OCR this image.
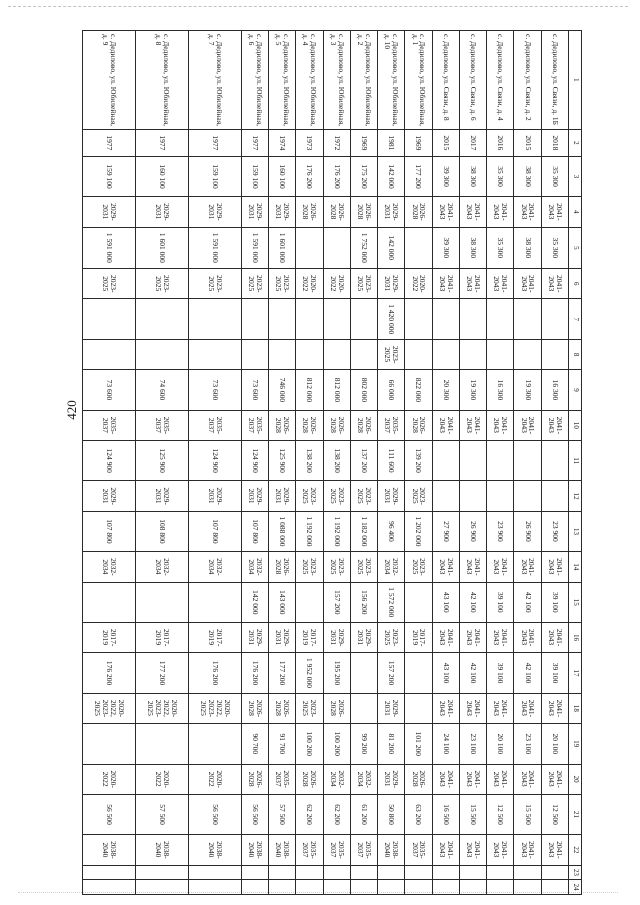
420
1	2	3	4	5	6	7	8	9	10	11	12	13	14	15	16	17	18	19	20	21	22	23	24
с. Дедилово, ул. Связи, д. 1Б	2018	35 300	2041-2043	35 300	2041-2043			16 300	2041-2043			23 900	2041-2043	39 100	2041-2043	39 100	2041-2043	20 100	2041-2043	12 500	2041-2043		
с. Дедилово, ул. Связи, д. 2	2015	38 300	2041-2043	38 300	2041-2043			19 300	2041-2043			26 900	2041-2043	42 100	2041-2043	42 100	2041-2043	23 100	2041-2043	15 500	2041-2043		
с. Дедилово, ул. Связи, д. 4	2016	35 300	2041-2043	35 300	2041-2043			16 300	2041-2043			23 900	2041-2043	39 100	2041-2043	39 100	2041-2043	20 100	2041-2043	12 500	2041-2043		
с. Дедилово, ул. Связи, д. 6	2017	38 300	2041-2043	38 300	2041-2043			19 300	2041-2043			26 900	2041-2043	42 100	2041-2043	42 100	2041-2043	23 100	2041-2043	15 500	2041-2043		
с. Дедилово, ул. Связи, д. 8	2015	39 300	2041-2043	39 300	2041-2043			20 300	2041-2043			27 900	2041-2043	43 100	2041-2043	43 100	2041-2043	24 100	2041-2043	16 500	2041-2043		
с. Дедилово, ул. Юбилейная, д. 1	1969	177 200	2026-2028		2020-2022			822 000	2026-2028	139 200	2023-2025	1 202 000	2023-2025		2017-2019			101 200	2026-2028	63 200	2035-2037		
с. Дедилово, ул. Юбилейная, д. 10	1981	142 000	2029-2031	142 000	2029-2031	1 420 000	2023-2025	66 000	2035-2037	111 600	2029-2031	96 400	2032-2034	1 572 000	2023-2025	157 200	2029-2031	81 200	2029-2031	50 800	2038-2040		
с. Дедилово, ул. Юбилейная, д. 2	1969	175 200	2026-2028	1 752 000	2023-2025			802 000	2026-2028	137 200	2023-2025	1 182 000	2023-2025	156 200	2029-2031			99 200	2032-2034	61 200	2035-2037		
с. Дедилово, ул. Юбилейная, д. 3	1972	176 200	2026-2028		2020-2022			812 000	2026-2028	138 200	2023-2025	1 192 000	2023-2025	157 200	2029-2031	195 200	2026-2028	100 200	2032-2034	62 200	2035-2037		
с. Дедилово, ул. Юбилейная, д. 4	1973	176 200	2026-2028		2020-2022			812 000	2026-2028	138 200	2023-2025	1 192 000	2023-2025		2017-2019	1 952 000	2023-2025	100 200	2026-2028	62 200	2035-2037		
с. Дедилово, ул. Юбилейная, д. 5	1974	160 100	2029-2031	1 601 000	2023-2025			746 000	2026-2028	125 900	2029-2031	1 088 000	2026-2028	143 000	2029-2031	177 200	2026-2028	91 700	2035-2037	57 500	2038-2040		
с. Дедилово, ул. Юбилейная, д. 6	1977	159 100	2029-2031	1 591 000	2023-2025			73 600	2035-2037	124 900	2029-2031	107 800	2032-2034	142 000	2029-2031	176 200	2026-2028	90 700	2026-2028	56 500	2038-2040		
с. Дедилово, ул. Юбилейная, д. 7	1977	159 100	2029-2031	1 591 000	2023-2025			73 600	2035-2037	124 900	2029-2031	107 800	2032-2034		2017-2019	176 200	2020-2022, 2023-2025		2020-2022	56 500	2038-2040		
с. Дедилово, ул. Юбилейная, д. 8	1977	160 100	2029-2031	1 601 000	2023-2025			74 600	2035-2037	125 900	2029-2031	108 800	2032-2034		2017-2019	177 200	2020-2022, 2023-2025		2020-2022	57 500	2038-2040		
с. Дедилово, ул. Юбилейная, д. 9	1977	159 100	2029-2031	1 591 000	2023-2025			73 600	2035-2037	124 900	2029-2031	107 800	2032-2034		2017-2019	176 200	2020-2022, 2023-2025		2020-2022	56 500	2038-2040		
